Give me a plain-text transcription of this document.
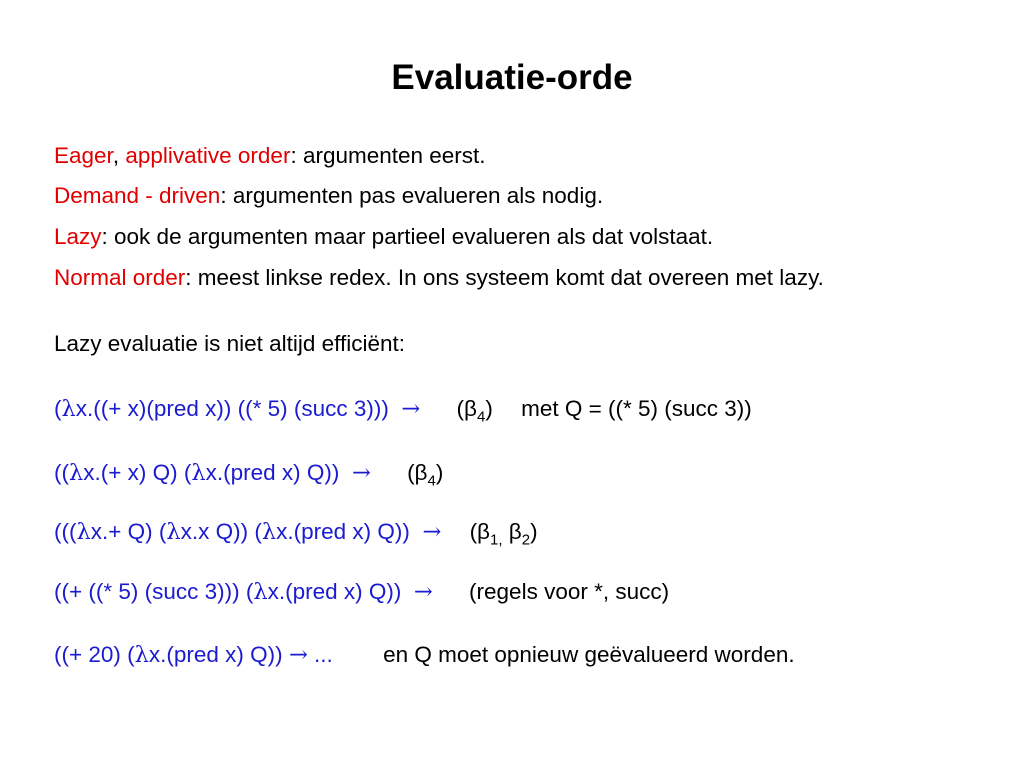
Evaluatie-orde
Eager, applivative order: argumenten eerst.
Demand - driven: argumenten pas evalueren als nodig.
Lazy: ook de argumenten maar partieel evalueren als dat volstaat.
Normal order: meest linkse redex. In ons systeem komt dat overeen met lazy.
Lazy evaluatie is niet altijd efficiënt:
(λx.((+ x)(pred x)) ((* 5) (succ $3))) \to (\beta_4)$ met Q = ((* 5) (succ 3))
((λx.(+ x) Q) (λx.(pred x) $Q)) \to (\beta_4)$
(((λx.+ Q) (λx.x Q)) (λx.(pred x) $Q)) \to (\beta_{1,}$ $\beta_2$)
((+ ((* 5) (succ 3))) (λx.(pred x) Q)) → (regels voor *, succ)
((+ 20) (λx.(pred x) Q)) → ... en Q moet opnieuw geëvalueerd worden.
